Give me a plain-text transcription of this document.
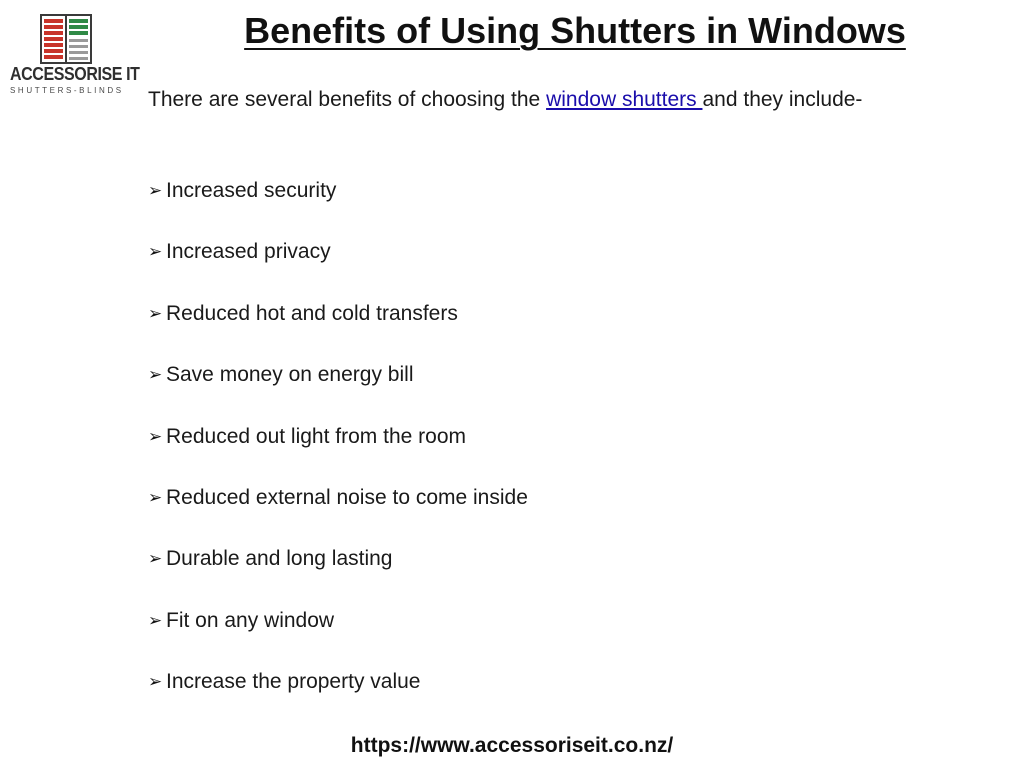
ACCESSORISE IT
SHUTTERS-BLINDS
Benefits of Using Shutters in Windows

There are several benefits of choosing the window shutters and they include-

➢ Increased security
➢ Increased privacy
➢ Reduced hot and cold transfers
➢ Save money on energy bill
➢ Reduced out light from the room
➢ Reduced external noise to come inside
➢ Durable and long lasting
➢ Fit on any window
➢ Increase the property value
https://www.accessoriseit.co.nz/
